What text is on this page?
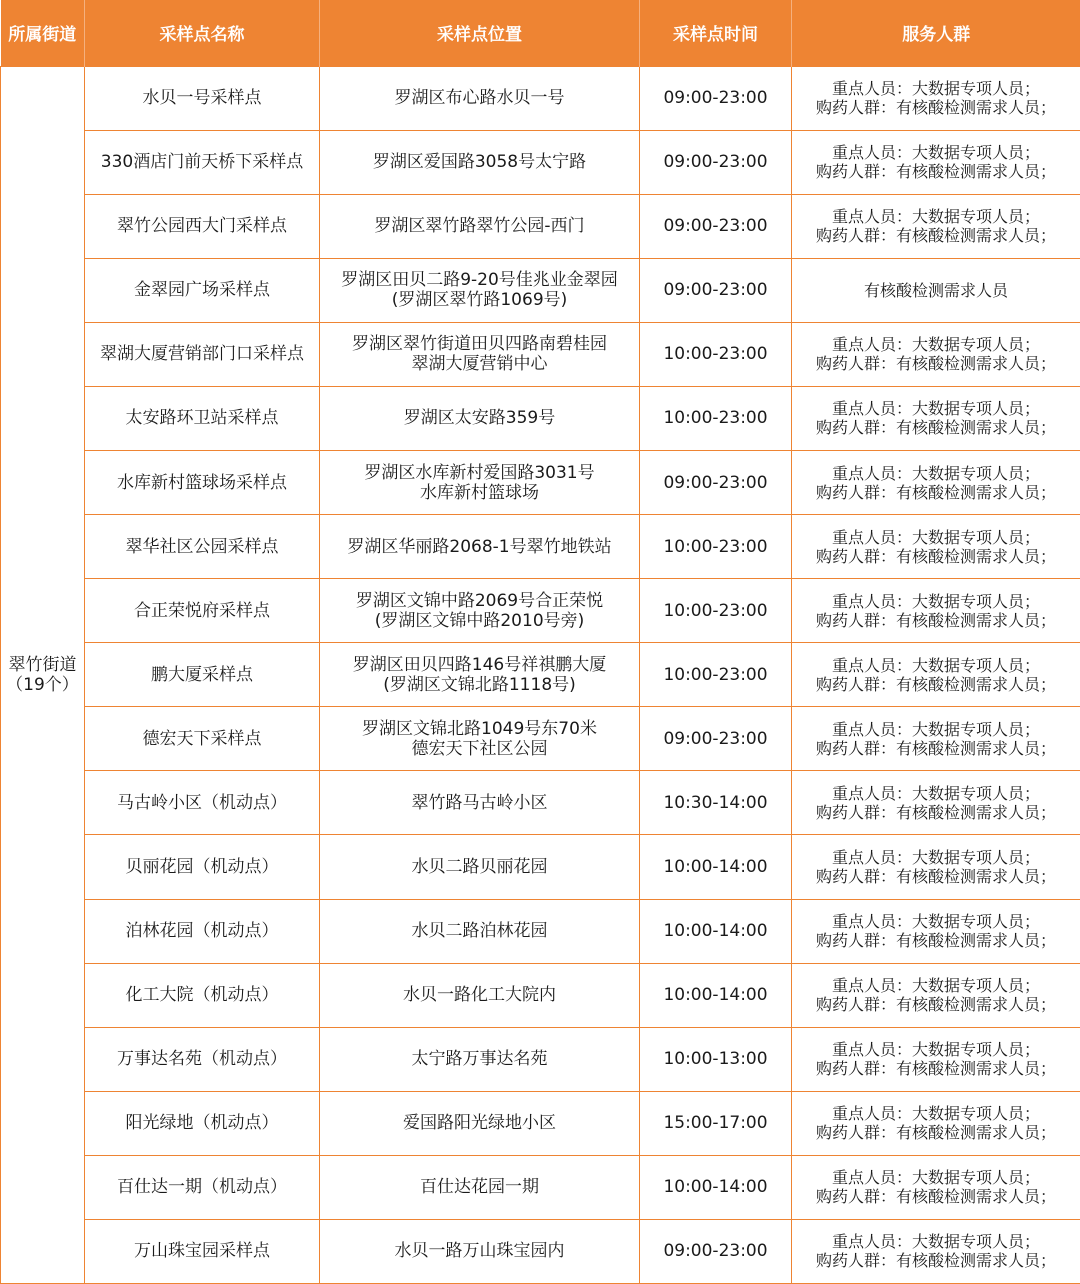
所属街道	采样点名称	采样点位置	采样点时间	服务人群

翠竹街道
（19个）	水贝一号采样点	罗湖区布心路水贝一号	09:00-23:00	重点人员：大数据专项人员；
购药人群：有核酸检测需求人员；

	330酒店门前天桥下采样点	罗湖区爱国路3058号太宁路	09:00-23:00	重点人员：大数据专项人员；
购药人群：有核酸检测需求人员；

	翠竹公园西大门采样点	罗湖区翠竹路翠竹公园-西门	09:00-23:00	重点人员：大数据专项人员；
购药人群：有核酸检测需求人员；

	金翠园广场采样点	罗湖区田贝二路9-20号佳兆业金翠园
(罗湖区翠竹路1069号)	09:00-23:00	有核酸检测需求人员

	翠湖大厦营销部门口采样点	罗湖区翠竹街道田贝四路南碧桂园
翠湖大厦营销中心	10:00-23:00	重点人员：大数据专项人员；
购药人群：有核酸检测需求人员；

	太安路环卫站采样点	罗湖区太安路359号	10:00-23:00	重点人员：大数据专项人员；
购药人群：有核酸检测需求人员；

	水库新村篮球场采样点	罗湖区水库新村爱国路3031号
水库新村篮球场	09:00-23:00	重点人员：大数据专项人员；
购药人群：有核酸检测需求人员；

	翠华社区公园采样点	罗湖区华丽路2068-1号翠竹地铁站	10:00-23:00	重点人员：大数据专项人员；
购药人群：有核酸检测需求人员；

	合正荣悦府采样点	罗湖区文锦中路2069号合正荣悦
(罗湖区文锦中路2010号旁)	10:00-23:00	重点人员：大数据专项人员；
购药人群：有核酸检测需求人员；

	鹏大厦采样点	罗湖区田贝四路146号祥祺鹏大厦
(罗湖区文锦北路1118号)	10:00-23:00	重点人员：大数据专项人员；
购药人群：有核酸检测需求人员；

	德宏天下采样点	罗湖区文锦北路1049号东70米
德宏天下社区公园	09:00-23:00	重点人员：大数据专项人员；
购药人群：有核酸检测需求人员；

	马古岭小区（机动点）	翠竹路马古岭小区	10:30-14:00	重点人员：大数据专项人员；
购药人群：有核酸检测需求人员；

	贝丽花园（机动点）	水贝二路贝丽花园	10:00-14:00	重点人员：大数据专项人员；
购药人群：有核酸检测需求人员；

	泊林花园（机动点）	水贝二路泊林花园	10:00-14:00	重点人员：大数据专项人员；
购药人群：有核酸检测需求人员；

	化工大院（机动点）	水贝一路化工大院内	10:00-14:00	重点人员：大数据专项人员；
购药人群：有核酸检测需求人员；

	万事达名苑（机动点）	太宁路万事达名苑	10:00-13:00	重点人员：大数据专项人员；
购药人群：有核酸检测需求人员；

	阳光绿地（机动点）	爱国路阳光绿地小区	15:00-17:00	重点人员：大数据专项人员；
购药人群：有核酸检测需求人员；

	百仕达一期（机动点）	百仕达花园一期	10:00-14:00	重点人员：大数据专项人员；
购药人群：有核酸检测需求人员；

	万山珠宝园采样点	水贝一路万山珠宝园内	09:00-23:00	重点人员：大数据专项人员；
购药人群：有核酸检测需求人员；
